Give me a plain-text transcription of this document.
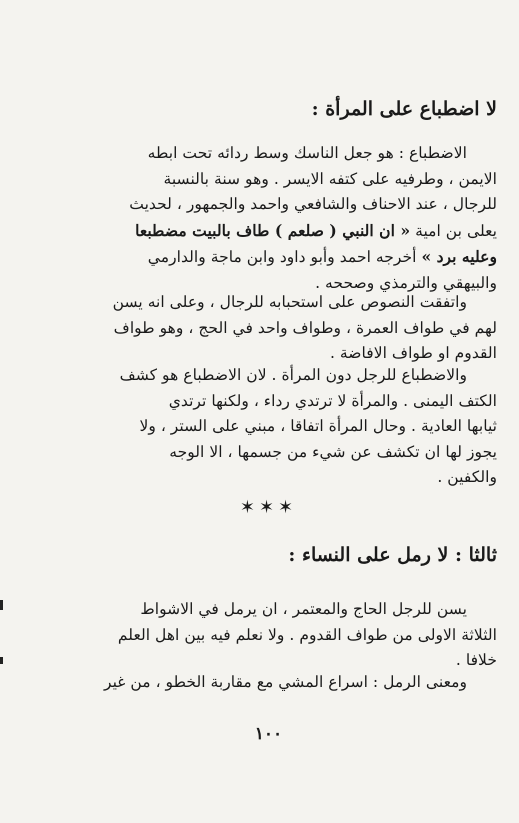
لا اضطباع على المرأة :
الاضطباع : هو جعل الناسك وسط ردائه تحت ابطه
الايمن ، وطرفيه على كتفه الايسر . وهو سنة بالنسبة
للرجال ، عند الاحناف والشافعي واحمد والجمهور ، لحديث
يعلى بن امية « ان النبي ( صلعم ) طاف بالبيت مضطبعا
وعليه برد » أخرجه احمد وأبو داود وابن ماجة والدارمي
والبيهقي والترمذي وصححه .
واتفقت النصوص على استحبابه للرجال ، وعلى انه يسن
لهم في طواف العمرة ، وطواف واحد في الحج ، وهو طواف
القدوم او طواف الافاضة .
والاضطباع للرجل دون المرأة . لان الاضطباع هو كشف
الكتف اليمنى . والمرأة لا ترتدي رداء ، ولكنها ترتدي
ثيابها العادية . وحال المرأة اتفاقا ، مبني على الستر ، ولا
يجوز لها ان تكشف عن شيء من جسمها ، الا الوجه
والكفين .
✶✶✶
ثالثا : لا رمل على النساء :
يسن للرجل الحاج والمعتمر ، ان يرمل في الاشواط
الثلاثة الاولى من طواف القدوم . ولا نعلم فيه بين اهل العلم
خلافا .
ومعنى الرمل : اسراع المشي مع مقاربة الخطو ، من غير
١٠٠
